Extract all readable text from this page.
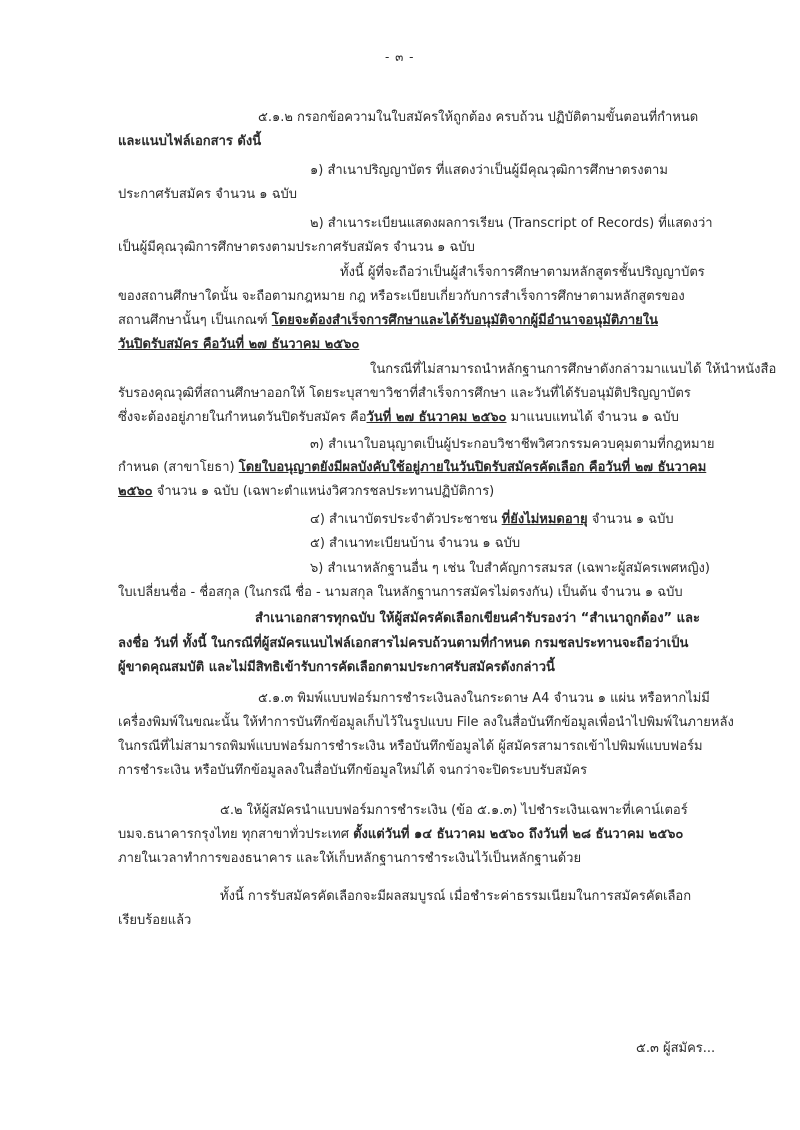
- ๓ -
๕.๑.๒ กรอกข้อความในใบสมัครให้ถูกต้อง ครบถ้วน ปฏิบัติตามขั้นตอนที่กำหนด
และแนบไฟล์เอกสาร ดังนี้
๑) สำเนาปริญญาบัตร ที่แสดงว่าเป็นผู้มีคุณวุฒิการศึกษาตรงตาม
ประกาศรับสมัคร จำนวน ๑ ฉบับ
๒) สำเนาระเบียนแสดงผลการเรียน (Transcript of Records) ที่แสดงว่า
เป็นผู้มีคุณวุฒิการศึกษาตรงตามประกาศรับสมัคร จำนวน ๑ ฉบับ
ทั้งนี้ ผู้ที่จะถือว่าเป็นผู้สำเร็จการศึกษาตามหลักสูตรชั้นปริญญาบัตร
ของสถานศึกษาใดนั้น จะถือตามกฎหมาย กฎ หรือระเบียบเกี่ยวกับการสำเร็จการศึกษาตามหลักสูตรของ
สถานศึกษานั้นๆ เป็นเกณฑ์ โดยจะต้องสำเร็จการศึกษาและได้รับอนุมัติจากผู้มีอำนาจอนุมัติภายใน
วันปิดรับสมัคร คือวันที่ ๒๗ ธันวาคม ๒๕๖๐
ในกรณีที่ไม่สามารถนำหลักฐานการศึกษาดังกล่าวมาแนบได้ ให้นำหนังสือ
รับรองคุณวุฒิที่สถานศึกษาออกให้ โดยระบุสาขาวิชาที่สำเร็จการศึกษา และวันที่ได้รับอนุมัติปริญญาบัตร
ซึ่งจะต้องอยู่ภายในกำหนดวันปิดรับสมัคร คือวันที่ ๒๗ ธันวาคม ๒๕๖๐ มาแนบแทนได้ จำนวน ๑ ฉบับ
๓) สำเนาใบอนุญาตเป็นผู้ประกอบวิชาชีพวิศวกรรมควบคุมตามที่กฎหมาย
กำหนด (สาขาโยธา) โดยใบอนุญาตยังมีผลบังคับใช้อยู่ภายในวันปิดรับสมัครคัดเลือก คือวันที่ ๒๗ ธันวาคม
๒๕๖๐ จำนวน ๑ ฉบับ (เฉพาะตำแหน่งวิศวกรชลประทานปฏิบัติการ)
๔) สำเนาบัตรประจำตัวประชาชน ที่ยังไม่หมดอายุ จำนวน ๑ ฉบับ
๕) สำเนาทะเบียนบ้าน จำนวน ๑ ฉบับ
๖) สำเนาหลักฐานอื่น ๆ เช่น ใบสำคัญการสมรส (เฉพาะผู้สมัครเพศหญิง)
ใบเปลี่ยนชื่อ - ชื่อสกุล (ในกรณี ชื่อ - นามสกุล ในหลักฐานการสมัครไม่ตรงกัน) เป็นต้น จำนวน ๑ ฉบับ
สำเนาเอกสารทุกฉบับ ให้ผู้สมัครคัดเลือกเขียนคำรับรองว่า “สำเนาถูกต้อง” และ
ลงชื่อ วันที่ ทั้งนี้ ในกรณีที่ผู้สมัครแนบไฟล์เอกสารไม่ครบถ้วนตามที่กำหนด กรมชลประทานจะถือว่าเป็น
ผู้ขาดคุณสมบัติ และไม่มีสิทธิเข้ารับการคัดเลือกตามประกาศรับสมัครดังกล่าวนี้
๕.๑.๓ พิมพ์แบบฟอร์มการชำระเงินลงในกระดาษ A4 จำนวน ๑ แผ่น หรือหากไม่มี
เครื่องพิมพ์ในขณะนั้น ให้ทำการบันทึกข้อมูลเก็บไว้ในรูปแบบ File ลงในสื่อบันทึกข้อมูลเพื่อนำไปพิมพ์ในภายหลัง
ในกรณีที่ไม่สามารถพิมพ์แบบฟอร์มการชำระเงิน หรือบันทึกข้อมูลได้ ผู้สมัครสามารถเข้าไปพิมพ์แบบฟอร์ม
การชำระเงิน หรือบันทึกข้อมูลลงในสื่อบันทึกข้อมูลใหม่ได้ จนกว่าจะปิดระบบรับสมัคร
๕.๒ ให้ผู้สมัครนำแบบฟอร์มการชำระเงิน (ข้อ ๕.๑.๓) ไปชำระเงินเฉพาะที่เคาน์เตอร์
บมจ.ธนาคารกรุงไทย ทุกสาขาทั่วประเทศ ตั้งแต่วันที่ ๑๔ ธันวาคม ๒๕๖๐ ถึงวันที่ ๒๘ ธันวาคม ๒๕๖๐
ภายในเวลาทำการของธนาคาร และให้เก็บหลักฐานการชำระเงินไว้เป็นหลักฐานด้วย
ทั้งนี้ การรับสมัครคัดเลือกจะมีผลสมบูรณ์ เมื่อชำระค่าธรรมเนียมในการสมัครคัดเลือก
เรียบร้อยแล้ว
๕.๓ ผู้สมัคร...
